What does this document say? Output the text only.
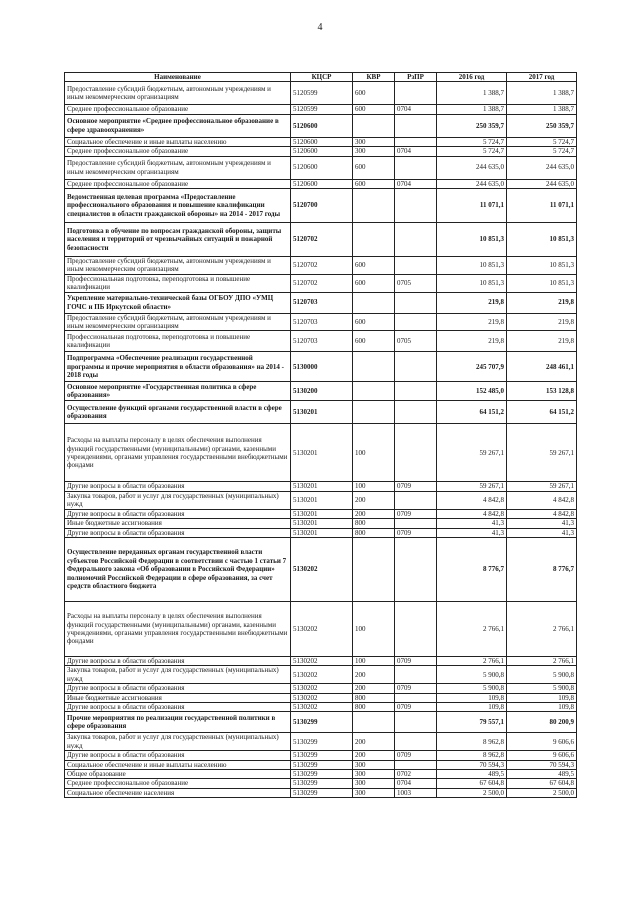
4
Наименование	КЦСР	КВР	РзПР	2016 год	2017 год
Предоставление субсидий бюджетным, автономным учреждениям и иным некоммерческим организациям	5120599	600		1 388,7	1 388,7
Среднее профессиональное образование	5120599	600	0704	1 388,7	1 388,7
Основное мероприятие «Среднее профессиональное образование в сфере здравоохранения»	5120600			250 359,7	250 359,7
Социальное обеспечение и иные выплаты населению	5120600	300		5 724,7	5 724,7
Среднее профессиональное образование	5120600	300	0704	5 724,7	5 724,7
Предоставление субсидий бюджетным, автономным учреждениям и иным некоммерческим организациям	5120600	600		244 635,0	244 635,0
Среднее профессиональное образование	5120600	600	0704	244 635,0	244 635,0
Ведомственная целевая программа «Предоставление профессионального образования и повышение квалификации специалистов в области гражданской обороны» на 2014 - 2017 годы	5120700			11 071,1	11 071,1
Подготовка в обучение по вопросам гражданской обороны, защиты населения и территорий от чрезвычайных ситуаций и пожарной безопасности	5120702			10 851,3	10 851,3
Предоставление субсидий бюджетным, автономным учреждениям и иным некоммерческим организациям	5120702	600		10 851,3	10 851,3
Профессиональная подготовка, переподготовка и повышение квалификации	5120702	600	0705	10 851,3	10 851,3
Укрепление материально-технической базы ОГБОУ ДПО «УМЦ ГОЧС и ПБ Иркутской области»	5120703			219,8	219,8
Предоставление субсидий бюджетным, автономным учреждениям и иным некоммерческим организациям	5120703	600		219,8	219,8
Профессиональная подготовка, переподготовка и повышение квалификации	5120703	600	0705	219,8	219,8
Подпрограмма «Обеспечение реализации государственной программы и прочие мероприятия в области образования» на 2014 - 2018 годы	5130000			245 707,9	248 461,1
Основное мероприятие «Государственная политика в сфере образования»	5130200			152 485,0	153 128,8
Осуществление функций органами государственной власти в сфере образования	5130201			64 151,2	64 151,2
Расходы на выплаты персоналу в целях обеспечения выполнения функций государственными (муниципальными) органами, казенными учреждениями, органами управления государственными внебюджетными фондами	5130201	100		59 267,1	59 267,1
Другие вопросы в области образования	5130201	100	0709	59 267,1	59 267,1
Закупка товаров, работ и услуг для государственных (муниципальных) нужд	5130201	200		4 842,8	4 842,8
Другие вопросы в области образования	5130201	200	0709	4 842,8	4 842,8
Иные бюджетные ассигнования	5130201	800		41,3	41,3
Другие вопросы в области образования	5130201	800	0709	41,3	41,3
Осуществление переданных органам государственной власти субъектов Российской Федерации в соответствии с частью 1 статьи 7 Федерального закона «Об образовании в Российской Федерации» полномочий Российской Федерации в сфере образования, за счет средств областного бюджета	5130202			8 776,7	8 776,7
Расходы на выплаты персоналу в целях обеспечения выполнения функций государственными (муниципальными) органами, казенными учреждениями, органами управления государственными внебюджетными фондами	5130202	100		2 766,1	2 766,1
Другие вопросы в области образования	5130202	100	0709	2 766,1	2 766,1
Закупка товаров, работ и услуг для государственных (муниципальных) нужд	5130202	200		5 900,8	5 900,8
Другие вопросы в области образования	5130202	200	0709	5 900,8	5 900,8
Иные бюджетные ассигнования	5130202	800		109,8	109,8
Другие вопросы в области образования	5130202	800	0709	109,8	109,8
Прочие мероприятия по реализации государственной политики в сфере образования	5130299			79 557,1	80 200,9
Закупка товаров, работ и услуг для государственных (муниципальных) нужд	5130299	200		8 962,8	9 606,6
Другие вопросы в области образования	5130299	200	0709	8 962,8	9 606,6
Социальное обеспечение и иные выплаты населению	5130299	300		70 594,3	70 594,3
Общее образование	5130299	300	0702	489,5	489,5
Среднее профессиональное образование	5130299	300	0704	67 604,8	67 604,8
Социальное обеспечение населения	5130299	300	1003	2 500,0	2 500,0
